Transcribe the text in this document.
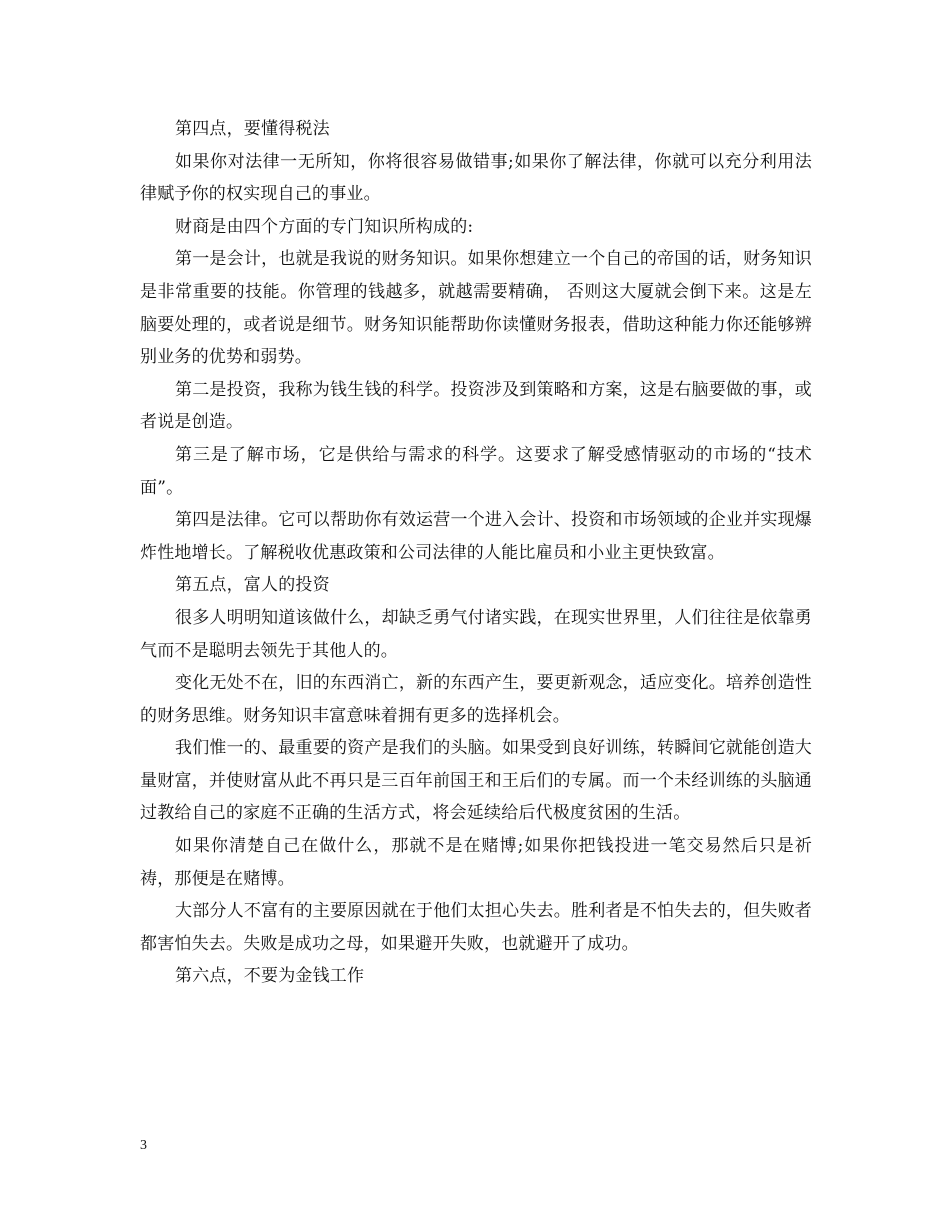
第四点，要懂得税法

如果你对法律一无所知，你将很容易做错事;如果你了解法律，你就可以充分利用法律赋予你的权实现自己的事业。

财商是由四个方面的专门知识所构成的:

第一是会计，也就是我说的财务知识。如果你想建立一个自己的帝国的话，财务知识是非常重要的技能。你管理的钱越多，就越需要精确， 否则这大厦就会倒下来。这是左脑要处理的，或者说是细节。财务知识能帮助你读懂财务报表，借助这种能力你还能够辨别业务的优势和弱势。

第二是投资，我称为钱生钱的科学。投资涉及到策略和方案，这是右脑要做的事，或者说是创造。

第三是了解市场，它是供给与需求的科学。这要求了解受感情驱动的市场的“技术面”。

第四是法律。它可以帮助你有效运营一个进入会计、投资和市场领域的企业并实现爆炸性地增长。了解税收优惠政策和公司法律的人能比雇员和小业主更快致富。

第五点，富人的投资

很多人明明知道该做什么，却缺乏勇气付诸实践，在现实世界里，人们往往是依靠勇气而不是聪明去领先于其他人的。

变化无处不在，旧的东西消亡，新的东西产生，要更新观念，适应变化。培养创造性的财务思维。财务知识丰富意味着拥有更多的选择机会。

我们惟一的、最重要的资产是我们的头脑。如果受到良好训练，转瞬间它就能创造大量财富，并使财富从此不再只是三百年前国王和王后们的专属。而一个未经训练的头脑通过教给自己的家庭不正确的生活方式，将会延续给后代极度贫困的生活。

如果你清楚自己在做什么，那就不是在赌博;如果你把钱投进一笔交易然后只是祈祷，那便是在赌博。

大部分人不富有的主要原因就在于他们太担心失去。胜利者是不怕失去的，但失败者都害怕失去。失败是成功之母，如果避开失败，也就避开了成功。

第六点，不要为金钱工作

3
